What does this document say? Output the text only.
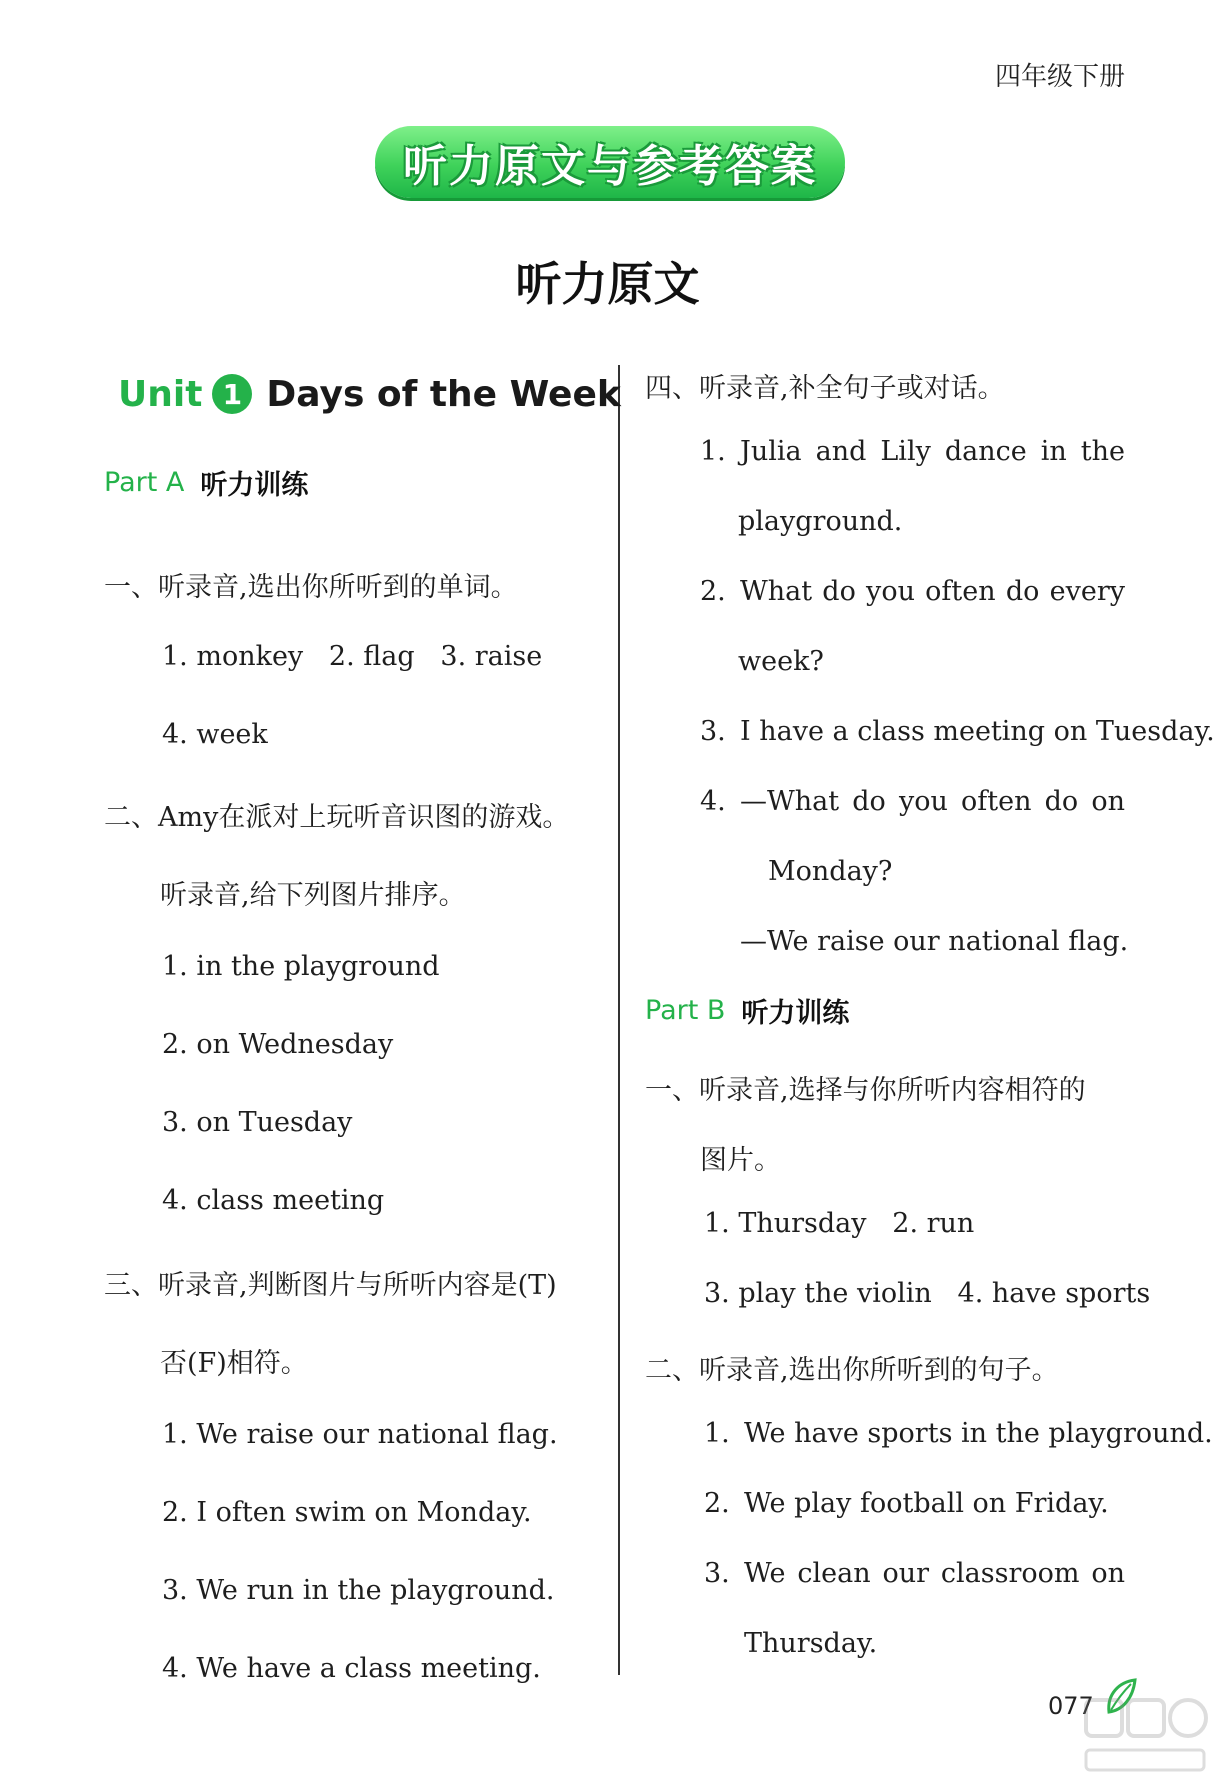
四年级下册
听力原文与参考答案
听力原文
Unit 1 Days of the Week
Part A 听力训练
一、听录音,选出你所听到的单词。
1. monkey   2. flag   3. raise
4. week
二、Amy在派对上玩听音识图的游戏。
听录音,给下列图片排序。
1. in the playground
2. on Wednesday
3. on Tuesday
4. class meeting
三、听录音,判断图片与所听内容是(T)
否(F)相符。
1. We raise our national flag.
2. I often swim on Monday.
3. We run in the playground.
4. We have a class meeting.
四、听录音,补全句子或对话。
1. Julia and Lily dance in the
playground.
2. What do you often do every
week?
3. I have a class meeting on Tuesday.
4. —What do you often do on
Monday?
—We raise our national flag.
Part B 听力训练
一、听录音,选择与你所听内容相符的
图片。
1. Thursday   2. run
3. play the violin   4. have sports
二、听录音,选出你所听到的句子。
1. We have sports in the playground.
2. We play football on Friday.
3. We clean our classroom on
Thursday.
077
